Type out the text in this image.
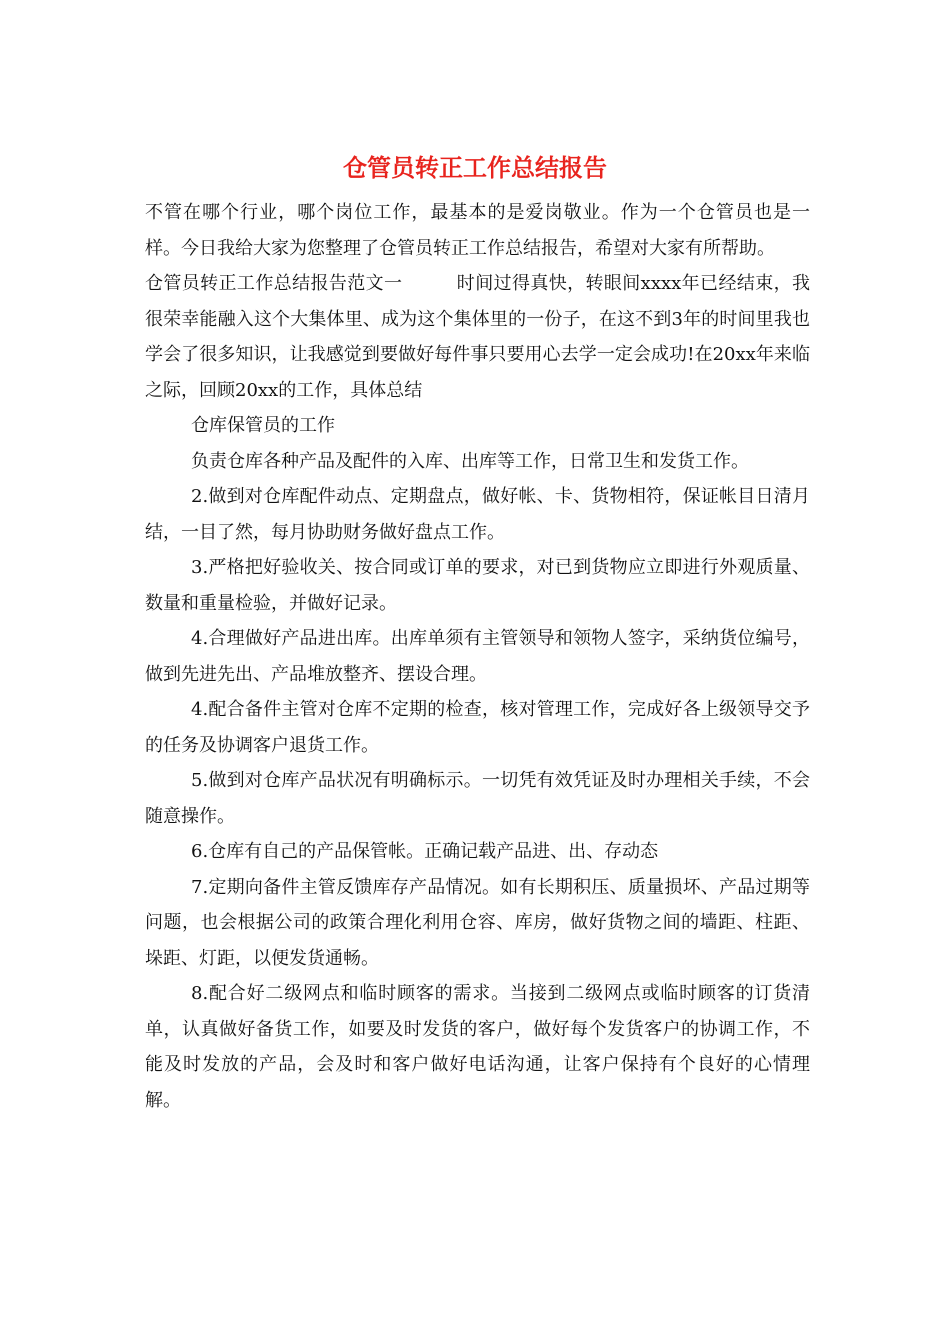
仓管员转正工作总结报告

不管在哪个行业，哪个岗位工作，最基本的是爱岗敬业。作为一个仓管员也是一样。今日我给大家为您整理了仓管员转正工作总结报告，希望对大家有所帮助。

仓管员转正工作总结报告范文一	时间过得真快，转眼间xxxx年已经结束，我很荣幸能融入这个大集体里、成为这个集体里的一份子，在这不到3年的时间里我也学会了很多知识，让我感觉到要做好每件事只要用心去学一定会成功!在20xx年来临之际，回顾20xx的工作，具体总结

仓库保管员的工作

负责仓库各种产品及配件的入库、出库等工作，日常卫生和发货工作。

2.做到对仓库配件动点、定期盘点，做好帐、卡、货物相符，保证帐目日清月结，一目了然，每月协助财务做好盘点工作。

3.严格把好验收关、按合同或订单的要求，对已到货物应立即进行外观质量、数量和重量检验，并做好记录。

4.合理做好产品进出库。出库单须有主管领导和领物人签字，采纳货位编号，做到先进先出、产品堆放整齐、摆设合理。

4.配合备件主管对仓库不定期的检查，核对管理工作，完成好各上级领导交予的任务及协调客户退货工作。

5.做到对仓库产品状况有明确标示。一切凭有效凭证及时办理相关手续，不会随意操作。

6.仓库有自己的产品保管帐。正确记载产品进、出、存动态

7.定期向备件主管反馈库存产品情况。如有长期积压、质量损坏、产品过期等问题，也会根据公司的政策合理化利用仓容、库房，做好货物之间的墙距、柱距、垛距、灯距，以便发货通畅。

8.配合好二级网点和临时顾客的需求。当接到二级网点或临时顾客的订货清单，认真做好备货工作，如要及时发货的客户，做好每个发货客户的协调工作，不能及时发放的产品，会及时和客户做好电话沟通，让客户保持有个良好的心情理解。
